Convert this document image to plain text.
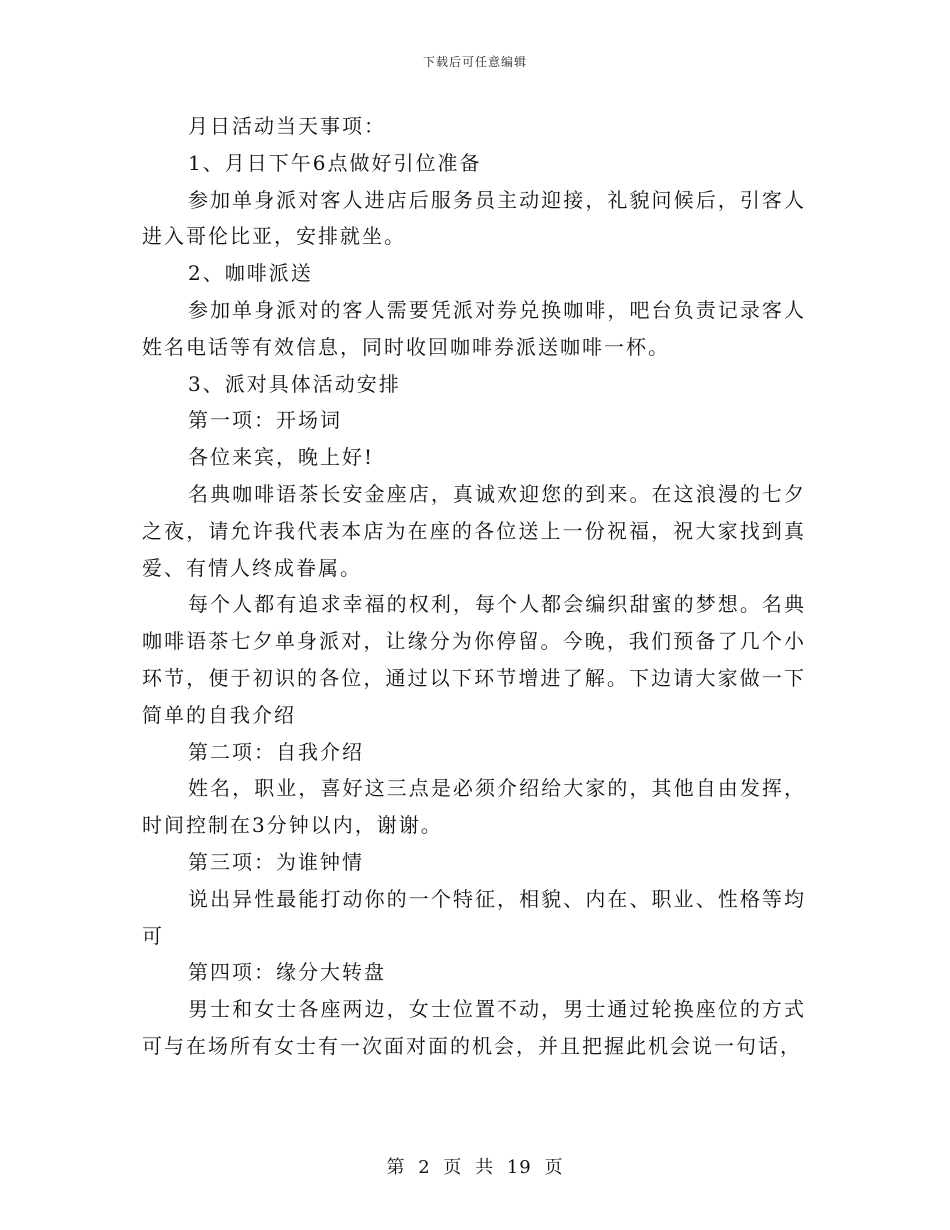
下载后可任意编辑

月日活动当天事项：

1、月日下午6点做好引位准备

参加单身派对客人进店后服务员主动迎接，礼貌问候后，引客人进入哥伦比亚，安排就坐。

2、咖啡派送

参加单身派对的客人需要凭派对券兑换咖啡，吧台负责记录客人姓名电话等有效信息，同时收回咖啡券派送咖啡一杯。

3、派对具体活动安排

第一项：开场词

各位来宾，晚上好!

名典咖啡语茶长安金座店，真诚欢迎您的到来。在这浪漫的七夕之夜，请允许我代表本店为在座的各位送上一份祝福，祝大家找到真爱、有情人终成眷属。

每个人都有追求幸福的权利，每个人都会编织甜蜜的梦想。名典咖啡语茶七夕单身派对，让缘分为你停留。今晚，我们预备了几个小环节，便于初识的各位，通过以下环节增进了解。下边请大家做一下简单的自我介绍

第二项：自我介绍

姓名，职业，喜好这三点是必须介绍给大家的，其他自由发挥，时间控制在3分钟以内，谢谢。

第三项：为谁钟情

说出异性最能打动你的一个特征，相貌、内在、职业、性格等均可

第四项：缘分大转盘

男士和女士各座两边，女士位置不动，男士通过轮换座位的方式可与在场所有女士有一次面对面的机会，并且把握此机会说一句话，

第 2 页 共 19 页
